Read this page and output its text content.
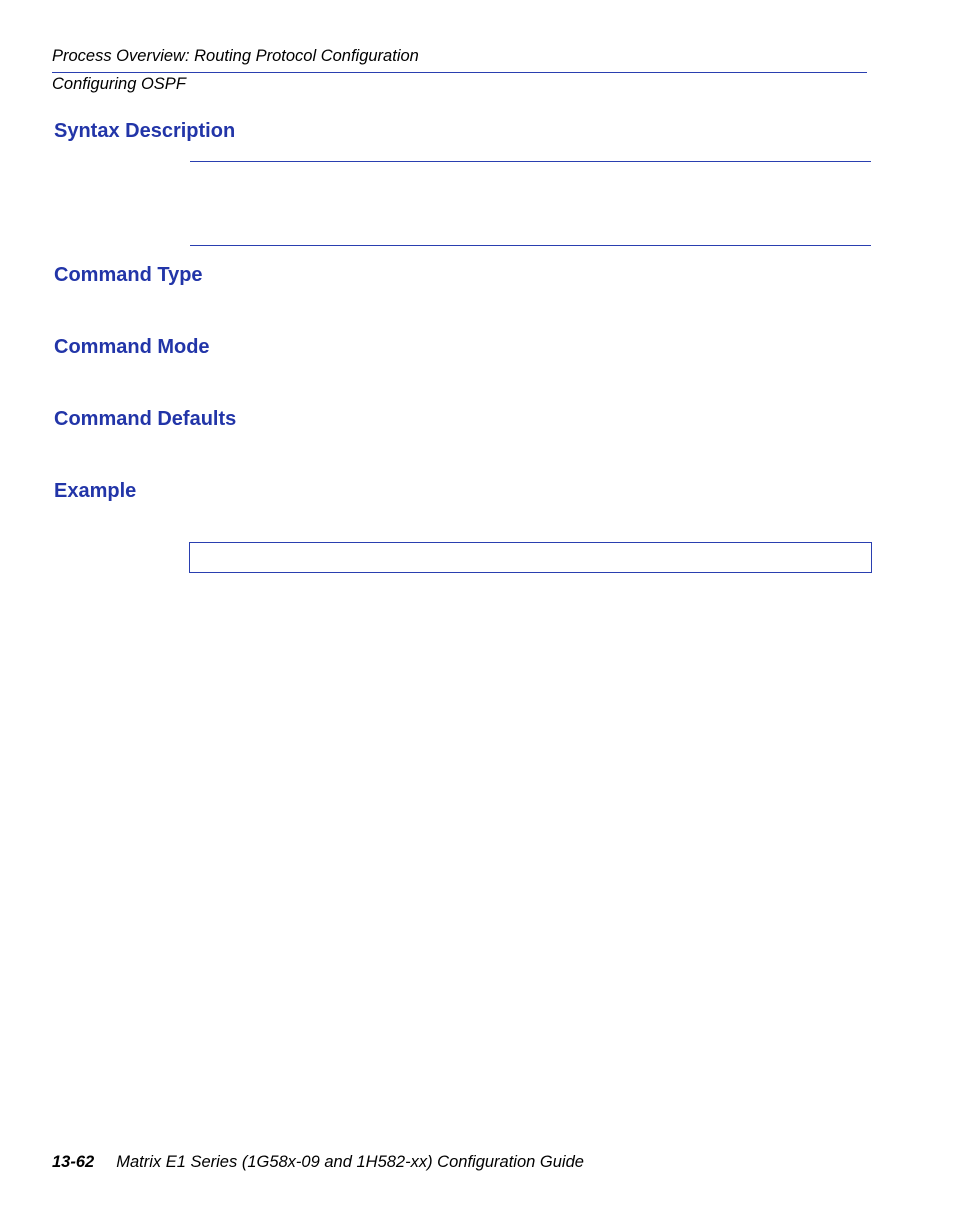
Process Overview: Routing Protocol Configuration
Configuring OSPF
Syntax Description
Command Type
Command Mode
Command Defaults
Example
13-62 Matrix E1 Series (1G58x-09 and 1H582-xx) Configuration Guide
